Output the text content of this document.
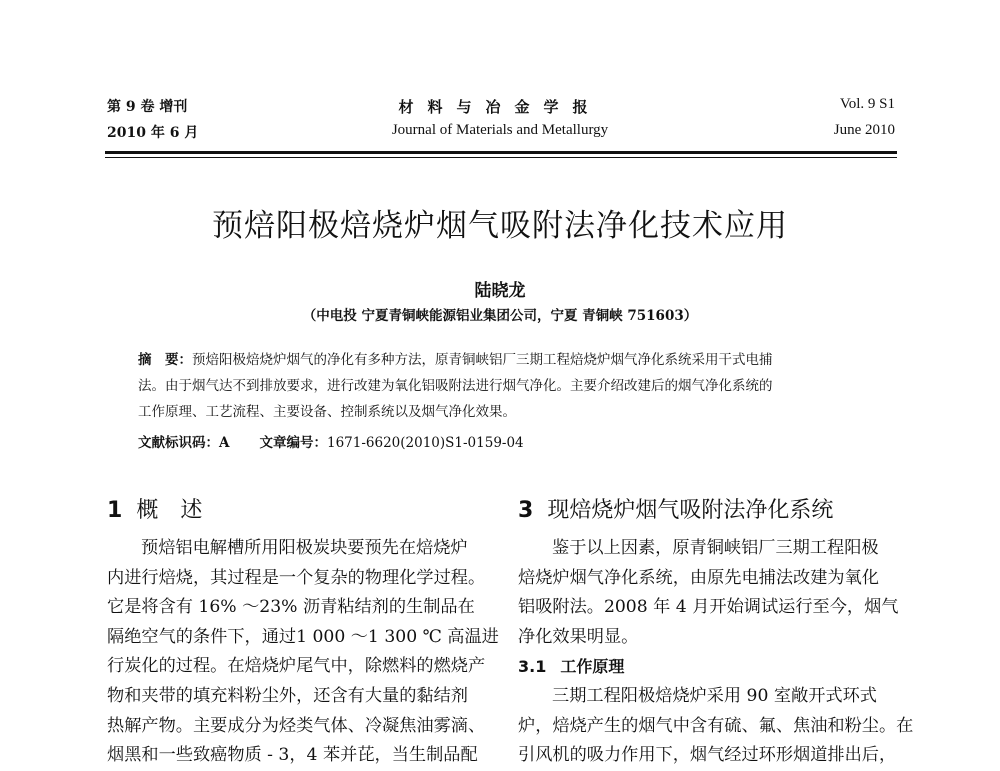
第 9 卷 增刊
2010 年 6 月
材料与冶金学报
Journal of Materials and Metallurgy
Vol. 9 S1
June 2010
预焙阳极焙烧炉烟气吸附法净化技术应用
陆晓龙
（中电投 宁夏青铜峡能源铝业集团公司，宁夏 青铜峡 751603）
摘　要：预焙阳极焙烧炉烟气的净化有多种方法，原青铜峡铝厂三期工程焙烧炉烟气净化系统采用干式电捕
法。由于烟气达不到排放要求，进行改建为氧化铝吸附法进行烟气净化。主要介绍改建后的烟气净化系统的
工作原理、工艺流程、主要设备、控制系统以及烟气净化效果。
文献标识码：A 文章编号：1671-6620(2010)S1-0159-04
1 概述	3 现焙烧炉烟气吸附法净化系统
预焙铝电解槽所用阳极炭块要预先在焙烧炉
内进行焙烧，其过程是一个复杂的物理化学过程。
它是将含有 16% ～23% 沥青粘结剂的生制品在
隔绝空气的条件下，通过1 000 ～1 300 ℃ 高温进
行炭化的过程。在焙烧炉尾气中，除燃料的燃烧产
物和夹带的填充料粉尘外，还含有大量的黏结剂
热解产物。主要成分为烃类气体、冷凝焦油雾滴、
烟黑和一些致癌物质 - 3，4 苯并芘，当生制品配
鉴于以上因素，原青铜峡铝厂三期工程阳极
焙烧炉烟气净化系统，由原先电捕法改建为氧化
铝吸附法。2008 年 4 月开始调试运行至今，烟气
净化效果明显。
3.1 工作原理
三期工程阳极焙烧炉采用 90 室敞开式环式
炉，焙烧产生的烟气中含有硫、氟、焦油和粉尘。在
引风机的吸力作用下，烟气经过环形烟道排出后，
